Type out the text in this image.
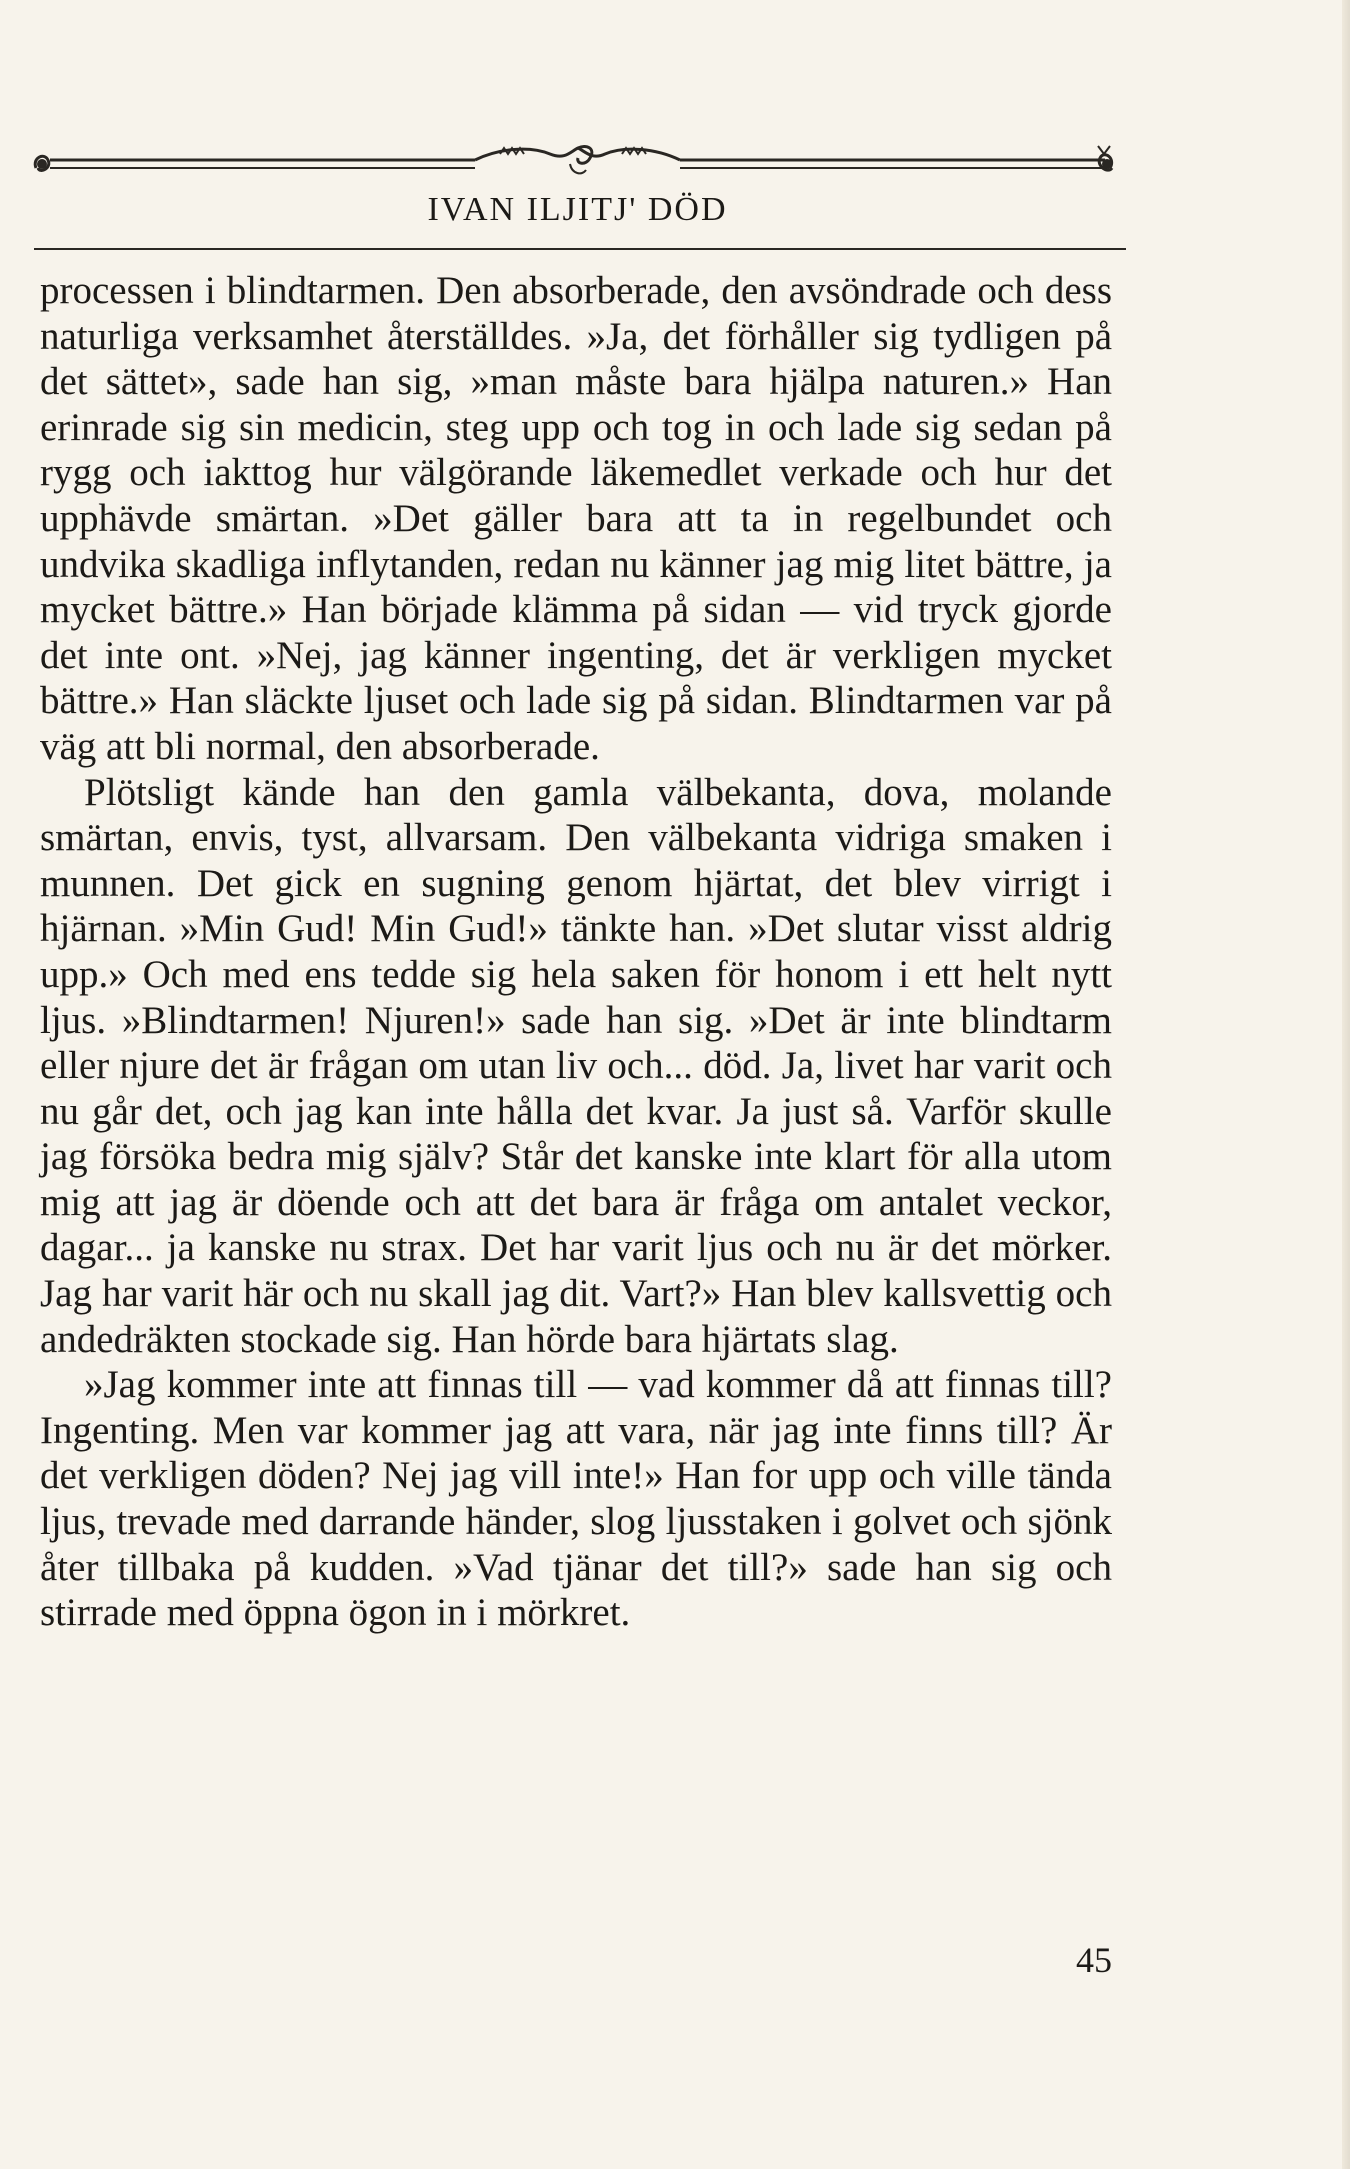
IVAN ILJITJ' DÖD

processen i blindtarmen. Den absorberade, den avsöndrade och dess naturliga verksamhet återställdes. »Ja, det förhåller sig tydligen på det sättet», sade han sig, »man måste bara hjälpa naturen.» Han erinrade sig sin medicin, steg upp och tog in och lade sig sedan på rygg och iakttog hur välgörande läkemedlet verkade och hur det upphävde smärtan. »Det gäller bara att ta in regelbundet och undvika skadliga inflytanden, redan nu känner jag mig litet bättre, ja mycket bättre.» Han började klämma på sidan — vid tryck gjorde det inte ont. »Nej, jag känner ingenting, det är verkligen mycket bättre.» Han släckte ljuset och lade sig på sidan. Blindtarmen var på väg att bli normal, den absorberade.

Plötsligt kände han den gamla välbekanta, dova, molande smärtan, envis, tyst, allvarsam. Den välbekanta vidriga smaken i munnen. Det gick en sugning genom hjärtat, det blev virrigt i hjärnan. »Min Gud! Min Gud!» tänkte han. »Det slutar visst aldrig upp.» Och med ens tedde sig hela saken för honom i ett helt nytt ljus. »Blindtarmen! Njuren!» sade han sig. »Det är inte blindtarm eller njure det är frågan om utan liv och... död. Ja, livet har varit och nu går det, och jag kan inte hålla det kvar. Ja just så. Varför skulle jag försöka bedra mig själv? Står det kanske inte klart för alla utom mig att jag är döende och att det bara är fråga om antalet veckor, dagar... ja kanske nu strax. Det har varit ljus och nu är det mörker. Jag har varit här och nu skall jag dit. Vart?» Han blev kallsvettig och andedräkten stockade sig. Han hörde bara hjärtats slag.

»Jag kommer inte att finnas till — vad kommer då att finnas till? Ingenting. Men var kommer jag att vara, när jag inte finns till? Är det verkligen döden? Nej jag vill inte!» Han for upp och ville tända ljus, trevade med darrande händer, slog ljusstaken i golvet och sjönk åter tillbaka på kudden. »Vad tjänar det till?» sade han sig och stirrade med öppna ögon in i mörkret.

45
